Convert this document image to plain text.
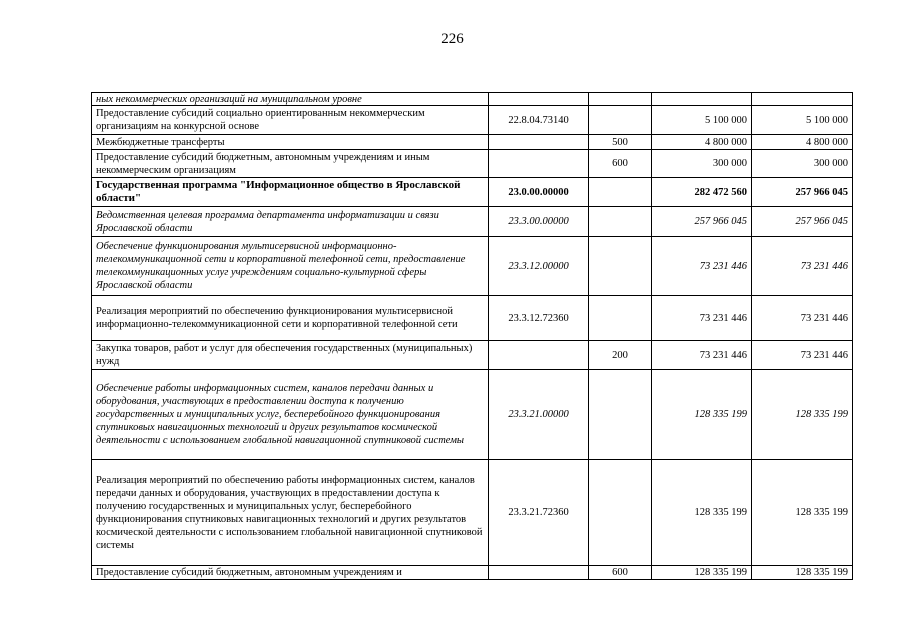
226
ных некоммерческих организаций на муниципальном уровне				
Предоставление субсидий социально ориентированным некоммерческим организациям на конкурсной основе	22.8.04.73140		5 100 000	5 100 000
Межбюджетные трансферты		500	4 800 000	4 800 000
Предоставление субсидий бюджетным, автономным учреждениям и иным некоммерческим организациям		600	300 000	300 000
Государственная программа "Информационное общество в Ярославской области"	23.0.00.00000		282 472 560	257 966 045
Ведомственная целевая программа департамента информатизации и связи Ярославской области	23.3.00.00000		257 966 045	257 966 045
Обеспечение функционирования мультисервисной информационно-телекоммуникационной сети и корпоративной телефонной сети, предоставление телекоммуникационных услуг учреждениям социально-культурной сферы Ярославской области	23.3.12.00000		73 231 446	73 231 446
Реализация мероприятий по обеспечению функционирования мультисервисной информационно-телекоммуникационной сети и корпоративной телефонной сети	23.3.12.72360		73 231 446	73 231 446
Закупка товаров, работ и услуг для обеспечения государственных (муниципальных) нужд		200	73 231 446	73 231 446
Обеспечение работы информационных систем, каналов передачи данных и оборудования, участвующих в предоставлении доступа к получению государственных и муниципальных услуг, бесперебойного функционирования спутниковых навигационных технологий и других результатов космической деятельности с использованием глобальной навигационной спутниковой системы	23.3.21.00000		128 335 199	128 335 199
Реализация мероприятий по обеспечению работы информационных систем, каналов передачи данных и оборудования, участвующих в предоставлении доступа к получению государственных и муниципальных услуг, бесперебойного функционирования спутниковых навигационных технологий и других результатов космической деятельности с использованием глобальной навигационной спутниковой системы	23.3.21.72360		128 335 199	128 335 199
Предоставление субсидий бюджетным, автономным учреждениям и		600	128 335 199	128 335 199
